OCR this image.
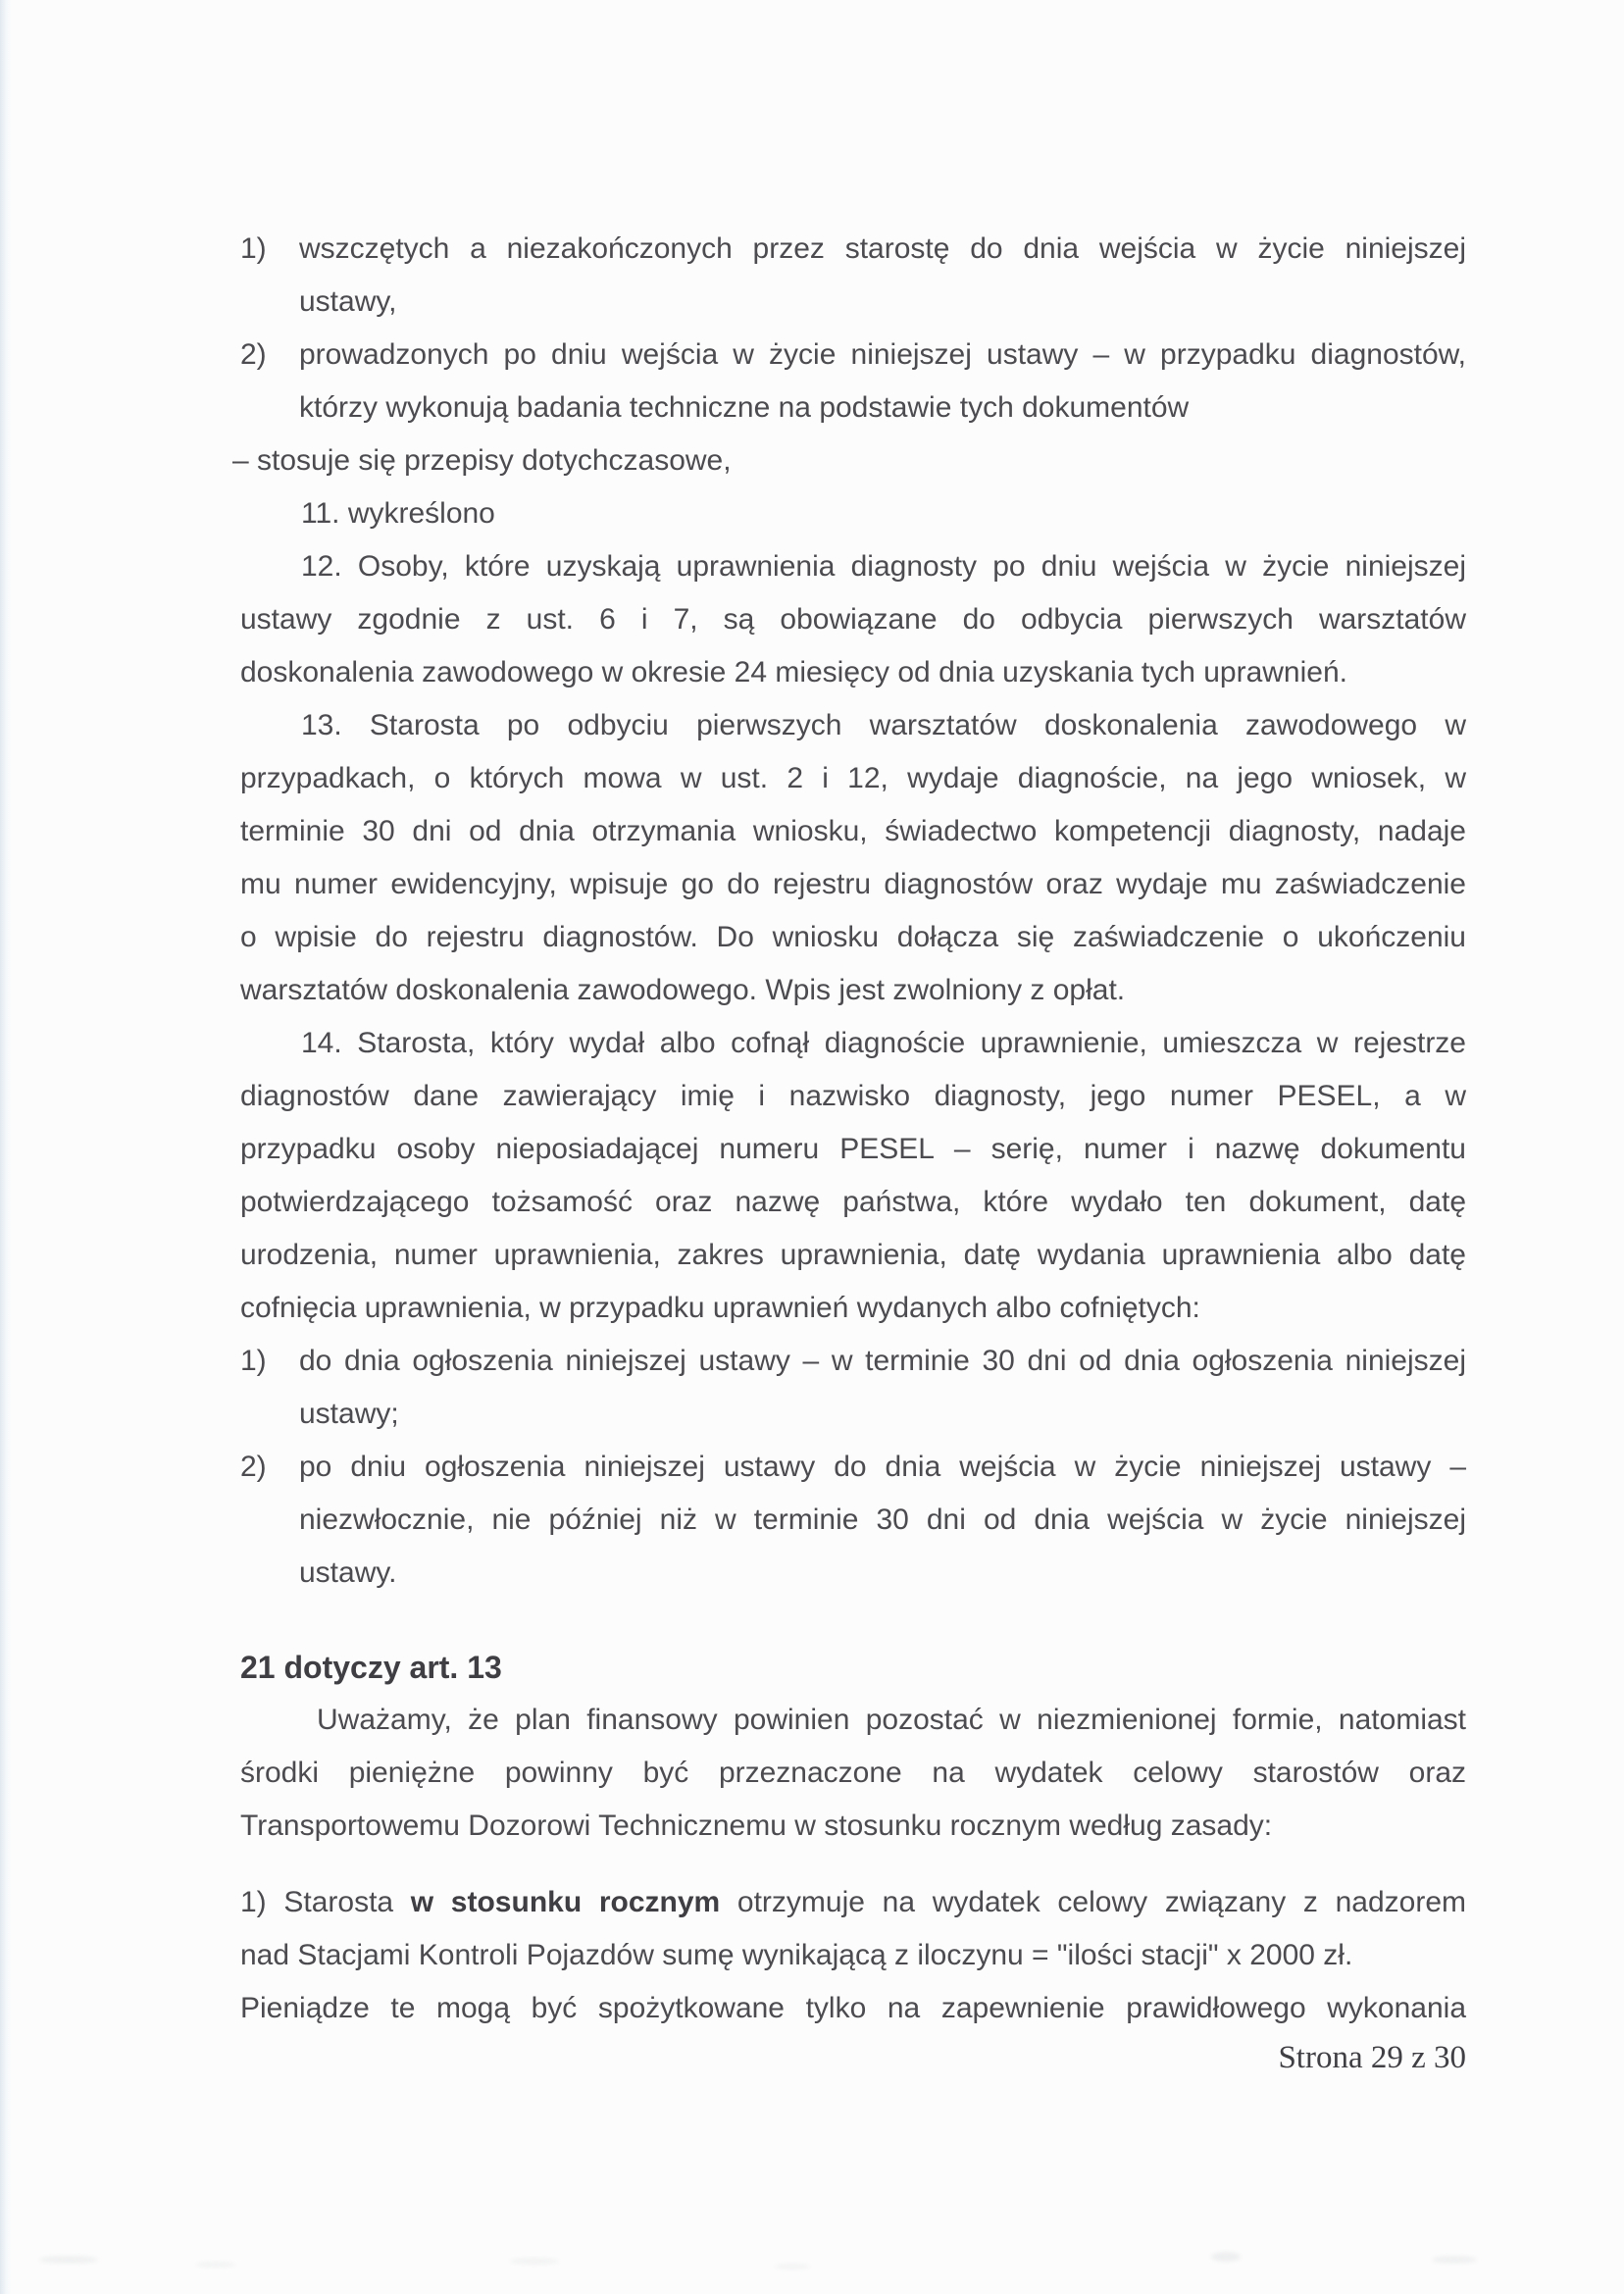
1) wszczętych a niezakończonych przez starostę do dnia wejścia w życie niniejszej
ustawy,
2) prowadzonych po dniu wejścia w życie niniejszej ustawy – w przypadku diagnostów,
którzy wykonują badania techniczne na podstawie tych dokumentów
– stosuje się przepisy dotychczasowe,
11. wykreślono
12. Osoby, które uzyskają uprawnienia diagnosty po dniu wejścia w życie niniejszej
ustawy zgodnie z ust. 6 i 7, są obowiązane do odbycia pierwszych warsztatów
doskonalenia zawodowego w okresie 24 miesięcy od dnia uzyskania tych uprawnień.
13. Starosta po odbyciu pierwszych warsztatów doskonalenia zawodowego w
przypadkach, o których mowa w ust. 2 i 12, wydaje diagnoście, na jego wniosek, w
terminie 30 dni od dnia otrzymania wniosku, świadectwo kompetencji diagnosty, nadaje
mu numer ewidencyjny, wpisuje go do rejestru diagnostów oraz wydaje mu zaświadczenie
o wpisie do rejestru diagnostów. Do wniosku dołącza się zaświadczenie o ukończeniu
warsztatów doskonalenia zawodowego. Wpis jest zwolniony z opłat.
14. Starosta, który wydał albo cofnął diagnoście uprawnienie, umieszcza w rejestrze
diagnostów dane zawierający imię i nazwisko diagnosty, jego numer PESEL, a w
przypadku osoby nieposiadającej numeru PESEL – serię, numer i nazwę dokumentu
potwierdzającego tożsamość oraz nazwę państwa, które wydało ten dokument, datę
urodzenia, numer uprawnienia, zakres uprawnienia, datę wydania uprawnienia albo datę
cofnięcia uprawnienia, w przypadku uprawnień wydanych albo cofniętych:
1) do dnia ogłoszenia niniejszej ustawy – w terminie 30 dni od dnia ogłoszenia niniejszej
ustawy;
2) po dniu ogłoszenia niniejszej ustawy do dnia wejścia w życie niniejszej ustawy –
niezwłocznie, nie później niż w terminie 30 dni od dnia wejścia w życie niniejszej
ustawy.
21 dotyczy art. 13
Uważamy, że plan finansowy powinien pozostać w niezmienionej formie, natomiast
środki pieniężne powinny być przeznaczone na wydatek celowy starostów oraz
Transportowemu Dozorowi Technicznemu w stosunku rocznym według zasady:
1) Starosta w stosunku rocznym otrzymuje na wydatek celowy związany z nadzorem
nad Stacjami Kontroli Pojazdów sumę wynikającą z iloczynu = "ilości stacji" x 2000 zł.
Pieniądze te mogą być spożytkowane tylko na zapewnienie prawidłowego wykonania
Strona 29 z 30
